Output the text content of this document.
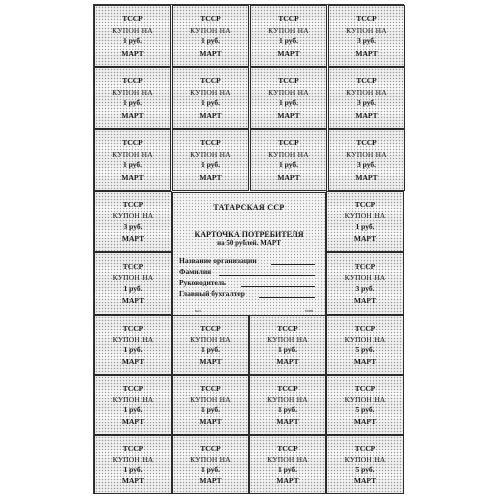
ТАТАРСКАЯ ССР
КАРТОЧКА ПОТРЕБИТЕЛЯ
на 50 рублей. МАРТ
Название организации
Фамилия
Руководитель
Главный бухгалтер
м.п	тгмн
ТССР
КУПОН НА
1 руб.
МАРТ
ТССР
КУПОН НА
1 руб.
МАРТ
ТССР
КУПОН НА
1 руб.
МАРТ
ТССР
КУПОН НА
3 руб.
МАРТ
ТССР
КУПОН НА
1 руб.
МАРТ
ТССР
КУПОН НА
1 руб.
МАРТ
ТССР
КУПОН НА
1 руб.
МАРТ
ТССР
КУПОН НА
3 руб.
МАРТ
ТССР
КУПОН НА
1 руб.
МАРТ
ТССР
КУПОН НА
1 руб.
МАРТ
ТССР
КУПОН НА
1 руб.
МАРТ
ТССР
КУПОН НА
3 руб.
МАРТ
ТССР
КУПОН НА
3 руб.
МАРТ
ТССР
КУПОН НА
1 руб.
МАРТ
ТССР
КУПОН НА
1 руб.
МАРТ
ТССР
КУПОН НА
3 руб.
МАРТ
ТССР
КУПОН НА
1 руб.
МАРТ
ТССР
КУПОН НА
1 руб.
МАРТ
ТССР
КУПОН НА
1 руб.
МАРТ
ТССР
КУПОН НА
5 руб.
МАРТ
ТССР
КУПОН НА
1 руб.
МАРТ
ТССР
КУПОН НА
1 руб.
МАРТ
ТССР
КУПОН НА
1 руб.
МАРТ
ТССР
КУПОН НА
5 руб.
МАРТ
ТССР
КУПОН НА
1 руб.
МАРТ
ТССР
КУПОН НА
1 руб.
МАРТ
ТССР
КУПОН НА
1 руб.
МАРТ
ТССР
КУПОН НА
5 руб.
МАРТ
